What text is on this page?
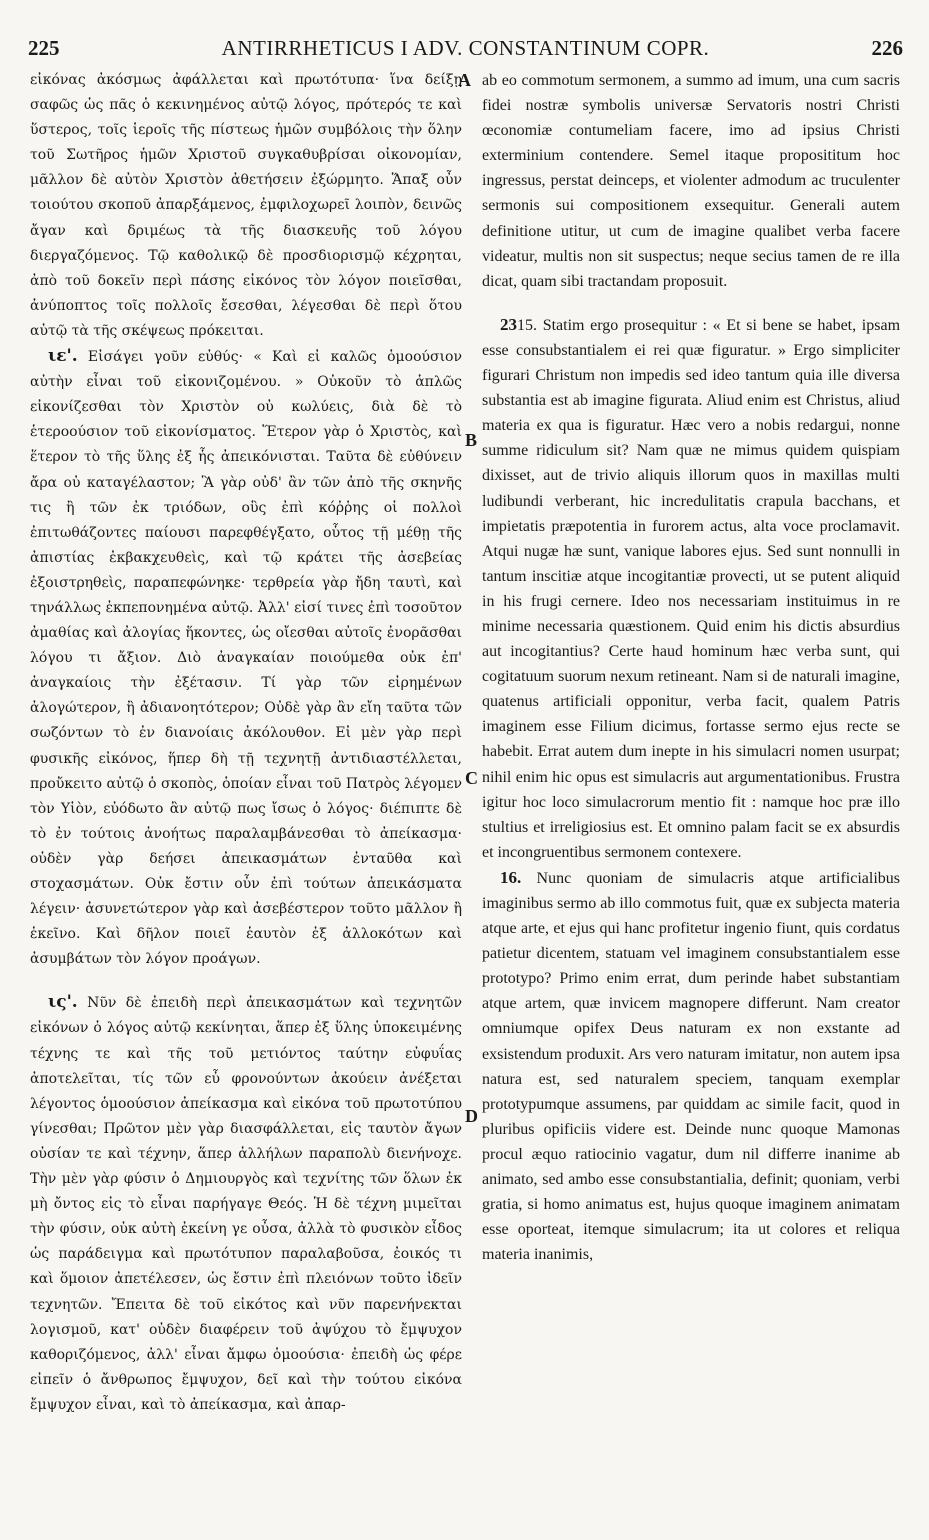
225	ANTIRRHETICUS I ADV. CONSTANTINUM COPR.	226

εἰκόνας ἀκόσμως ἀφάλλεται καὶ πρωτότυπα· ἵνα δείξῃ σαφῶς ὡς πᾶς ὁ κεκινημένος αὐτῷ λόγος, πρότερός τε καὶ ὕστερος, τοῖς ἱεροῖς τῆς πίστεως ἡμῶν συμβόλοις τὴν ὅλην τοῦ Σωτῆρος ἡμῶν Χριστοῦ συγκαθυβρίσαι οἰκονομίαν, μᾶλλον δὲ αὐτὸν Χριστὸν ἀθετήσειν ἐξώρμητο. Ἅπαξ οὖν τοιούτου σκοποῦ ἀπαρξάμενος, ἐμφιλοχωρεῖ λοιπὸν, δεινῶς ἄγαν καὶ δριμέως τὰ τῆς διασκευῆς τοῦ λόγου διεργαζόμενος. Τῷ καθολικῷ δὲ προσδιορισμῷ κέχρηται, ἀπὸ τοῦ δοκεῖν περὶ πάσης εἰκόνος τὸν λόγον ποιεῖσθαι, ἀνύποπτος τοῖς πολλοῖς ἔσεσθαι, λέγεσθαι δὲ περὶ ὅτου αὐτῷ τὰ τῆς σκέψεως πρόκειται.

ιε'. Εἰσάγει γοῦν εὐθύς· « Καὶ εἰ καλῶς ὁμοούσιον αὐτὴν εἶναι τοῦ εἰκονιζομένου. » Οὐκοῦν τὸ ἁπλῶς εἰκονίζεσθαι τὸν Χριστὸν οὐ κωλύεις, διὰ δὲ τὸ ἑτεροούσιον τοῦ εἰκονίσματος. Ἕτερον γὰρ ὁ Χριστὸς, καὶ ἕτερον τὸ τῆς ὕλης ἐξ ἧς ἀπεικόνισται. Ταῦτα δὲ εὐθύνειν ἄρα οὐ καταγέλαστον; Ἃ γὰρ οὐδ' ἂν τῶν ἀπὸ τῆς σκηνῆς τις ἢ τῶν ἐκ τριόδων, οὓς ἐπὶ κόῤῥης οἱ πολλοὶ ἐπιτωθάζοντες παίουσι παρεφθέγξατο, οὗτος τῇ μέθῃ τῆς ἀπιστίας ἐκβακχευθεὶς, καὶ τῷ κράτει τῆς ἀσεβείας ἐξοιστρηθεὶς, παραπεφώνηκε· τερθρεία γὰρ ἤδη ταυτὶ, καὶ τηνάλλως ἐκπεπονημένα αὐτῷ. Ἀλλ' εἰσί τινες ἐπὶ τοσοῦτον ἀμαθίας καὶ ἀλογίας ἥκοντες, ὡς οἴεσθαι αὐτοῖς ἐνορᾶσθαι λόγου τι ἄξιον. Διὸ ἀναγκαίαν ποιούμεθα οὐκ ἐπ' ἀναγκαίοις τὴν ἐξέτασιν. Τί γὰρ τῶν εἰρημένων ἀλογώτερον, ἢ ἀδιανοητότερον; Οὐδὲ γὰρ ἂν εἴη ταῦτα τῶν σωζόντων τὸ ἐν διανοίαις ἀκόλουθον. Εἰ μὲν γὰρ περὶ φυσικῆς εἰκόνος, ἥπερ δὴ τῇ τεχνητῇ ἀντιδιαστέλλεται, προὔκειτο αὐτῷ ὁ σκοπὸς, ὁποίαν εἶναι τοῦ Πατρὸς λέγομεν τὸν Υἱὸν, εὐόδωτο ἂν αὐτῷ πως ἴσως ὁ λόγος· διέπιπτε δὲ τὸ ἐν τούτοις ἀνοήτως παραλαμβάνεσθαι τὸ ἀπείκασμα· οὐδὲν γὰρ δεήσει ἀπεικασμάτων ἐνταῦθα καὶ στοχασμάτων. Οὐκ ἔστιν οὖν ἐπὶ τούτων ἀπεικάσματα λέγειν· ἀσυνετώτερον γὰρ καὶ ἀσεβέστερον τοῦτο μᾶλλον ἢ ἐκεῖνο. Καὶ δῆλον ποιεῖ ἑαυτὸν ἐξ ἀλλοκότων καὶ ἀσυμβάτων τὸν λόγον προάγων.

ις'. Νῦν δὲ ἐπειδὴ περὶ ἀπεικασμάτων καὶ τεχνητῶν εἰκόνων ὁ λόγος αὐτῷ κεκίνηται, ἅπερ ἐξ ὕλης ὑποκειμένης τέχνης τε καὶ τῆς τοῦ μετιόντος ταύτην εὐφυΐας ἀποτελεῖται, τίς τῶν εὖ φρονούντων ἀκούειν ἀνέξεται λέγοντος ὁμοούσιον ἀπείκασμα καὶ εἰκόνα τοῦ πρωτοτύπου γίνεσθαι; Πρῶτον μὲν γὰρ διασφάλλεται, εἰς ταυτὸν ἄγων οὐσίαν τε καὶ τέχνην, ἅπερ ἀλλήλων παραπολὺ διενήνοχε. Τὴν μὲν γὰρ φύσιν ὁ Δημιουργὸς καὶ τεχνίτης τῶν ὅλων ἐκ μὴ ὄντος εἰς τὸ εἶναι παρήγαγε Θεός. Ἡ δὲ τέχνη μιμεῖται τὴν φύσιν, οὐκ αὐτὴ ἐκείνη γε οὖσα, ἀλλὰ τὸ φυσικὸν εἶδος ὡς παράδειγμα καὶ πρωτότυπον παραλαβοῦσα, ἐοικός τι καὶ ὅμοιον ἀπετέλεσεν, ὡς ἔστιν ἐπὶ πλειόνων τοῦτο ἰδεῖν τεχνητῶν. Ἔπειτα δὲ τοῦ εἰκότος καὶ νῦν παρενήνεκται λογισμοῦ, κατ' οὐδὲν διαφέρειν τοῦ ἀψύχου τὸ ἔμψυχον καθοριζόμενος, ἀλλ' εἶναι ἄμφω ὁμοούσια· ἐπειδὴ ὡς φέρε εἰπεῖν ὁ ἄνθρωπος ἔμψυχον, δεῖ καὶ τὴν τούτου εἰκόνα ἔμψυχον εἶναι, καὶ τὸ ἀπείκασμα, καὶ ἀπαρ-

A
B
C
D

ab eo commotum sermonem, a summo ad imum, una cum sacris fidei nostræ symbolis universæ Servatoris nostri Christi œconomiæ contumeliam facere, imo ad ipsius Christi exterminium contendere. Semel itaque proposititum hoc ingressus, perstat deinceps, et violenter admodum ac truculenter sermonis sui compositionem exsequitur. Generali autem definitione utitur, ut cum de imagine qualibet verba facere videatur, multis non sit suspectus; neque secius tamen de re illa dicat, quam sibi tractandam proposuit.

2315. Statim ergo prosequitur : « Et si bene se habet, ipsam esse consubstantialem ei rei quæ figuratur. » Ergo simpliciter figurari Christum non impedis sed ideo tantum quia ille diversa substantia est ab imagine figurata. Aliud enim est Christus, aliud materia ex qua is figuratur. Hæc vero a nobis redargui, nonne summe ridiculum sit? Nam quæ ne mimus quidem quispiam dixisset, aut de trivio aliquis illorum quos in maxillas multi ludibundi verberant, hic incredulitatis crapula bacchans, et impietatis præpotentia in furorem actus, alta voce proclamavit. Atqui nugæ hæ sunt, vanique labores ejus. Sed sunt nonnulli in tantum inscitiæ atque incogitantiæ provecti, ut se putent aliquid in his frugi cernere. Ideo nos necessariam instituimus in re minime necessaria quæstionem. Quid enim his dictis absurdius aut incogitantius? Certe haud hominum hæc verba sunt, qui cogitatuum suorum nexum retineant. Nam si de naturali imagine, quatenus artificiali opponitur, verba facit, qualem Patris imaginem esse Filium dicimus, fortasse sermo ejus recte se habebit. Errat autem dum inepte in his simulacri nomen usurpat; nihil enim hic opus est simulacris aut argumentationibus. Frustra igitur hoc loco simulacrorum mentio fit : namque hoc præ illo stultius et irreligiosius est. Et omnino palam facit se ex absurdis et incongruentibus sermonem contexere.

16. Nunc quoniam de simulacris atque artificialibus imaginibus sermo ab illo commotus fuit, quæ ex subjecta materia atque arte, et ejus qui hanc profitetur ingenio fiunt, quis cordatus patietur dicentem, statuam vel imaginem consubstantialem esse prototypo? Primo enim errat, dum perinde habet substantiam atque artem, quæ invicem magnopere differunt. Nam creator omniumque opifex Deus naturam ex non exstante ad exsistendum produxit. Ars vero naturam imitatur, non autem ipsa natura est, sed naturalem speciem, tanquam exemplar prototypumque assumens, par quiddam ac simile facit, quod in pluribus opificiis videre est. Deinde nunc quoque Mamonas procul æquo ratiocinio vagatur, dum nil differre inanime ab animato, sed ambo esse consubstantialia, definit; quoniam, verbi gratia, si homo animatus est, hujus quoque imaginem animatam esse oporteat, itemque simulacrum; ita ut colores et reliqua materia inanimis,
